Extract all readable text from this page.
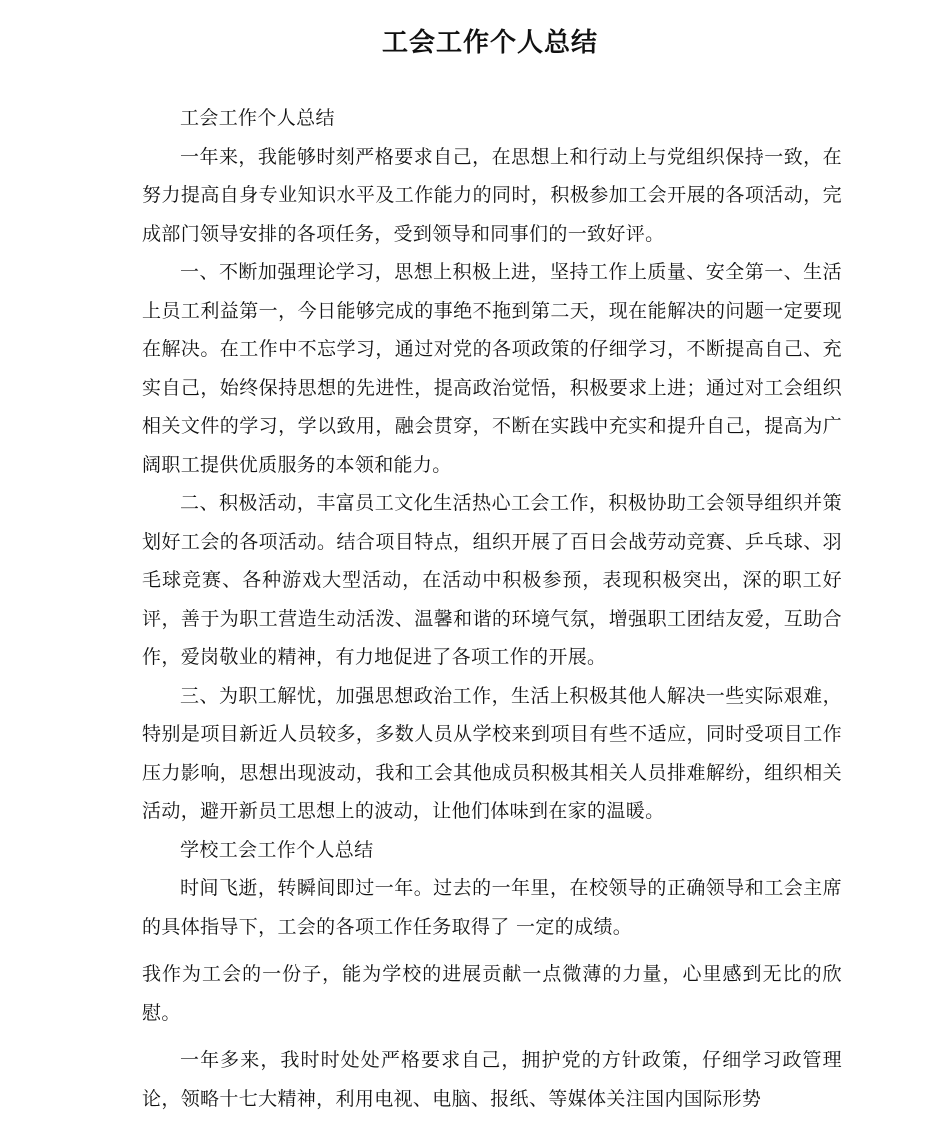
工会工作个人总结

工会工作个人总结

一年来，我能够时刻严格要求自己，在思想上和行动上与党组织保持一致，在努力提高自身专业知识水平及工作能力的同时，积极参加工会开展的各项活动，完成部门领导安排的各项任务，受到领导和同事们的一致好评。

一、不断加强理论学习，思想上积极上进，坚持工作上质量、安全第一、生活上员工利益第一，今日能够完成的事绝不拖到第二天，现在能解决的问题一定要现在解决。在工作中不忘学习，通过对党的各项政策的仔细学习，不断提高自己、充实自己，始终保持思想的先进性，提高政治觉悟，积极要求上进；通过对工会组织相关文件的学习，学以致用，融会贯穿，不断在实践中充实和提升自己，提高为广阔职工提供优质服务的本领和能力。

二、积极活动，丰富员工文化生活热心工会工作，积极协助工会领导组织并策划好工会的各项活动。结合项目特点，组织开展了百日会战劳动竞赛、乒乓球、羽毛球竞赛、各种游戏大型活动，在活动中积极参预，表现积极突出，深的职工好评，善于为职工营造生动活泼、温馨和谐的环境气氛，增强职工团结友爱，互助合作，爱岗敬业的精神，有力地促进了各项工作的开展。

三、为职工解忧，加强思想政治工作，生活上积极其他人解决一些实际艰难，特别是项目新近人员较多，多数人员从学校来到项目有些不适应，同时受项目工作压力影响，思想出现波动，我和工会其他成员积极其相关人员排难解纷，组织相关活动，避开新员工思想上的波动，让他们体味到在家的温暖。

学校工会工作个人总结

时间飞逝，转瞬间即过一年。过去的一年里，在校领导的正确领导和工会主席的具体指导下，工会的各项工作任务取得了 一定的成绩。

我作为工会的一份子，能为学校的进展贡献一点微薄的力量，心里感到无比的欣慰。

一年多来，我时时处处严格要求自己，拥护党的方针政策，仔细学习政管理论，领略十七大精神，利用电视、电脑、报纸、等媒体关注国内国际形势
